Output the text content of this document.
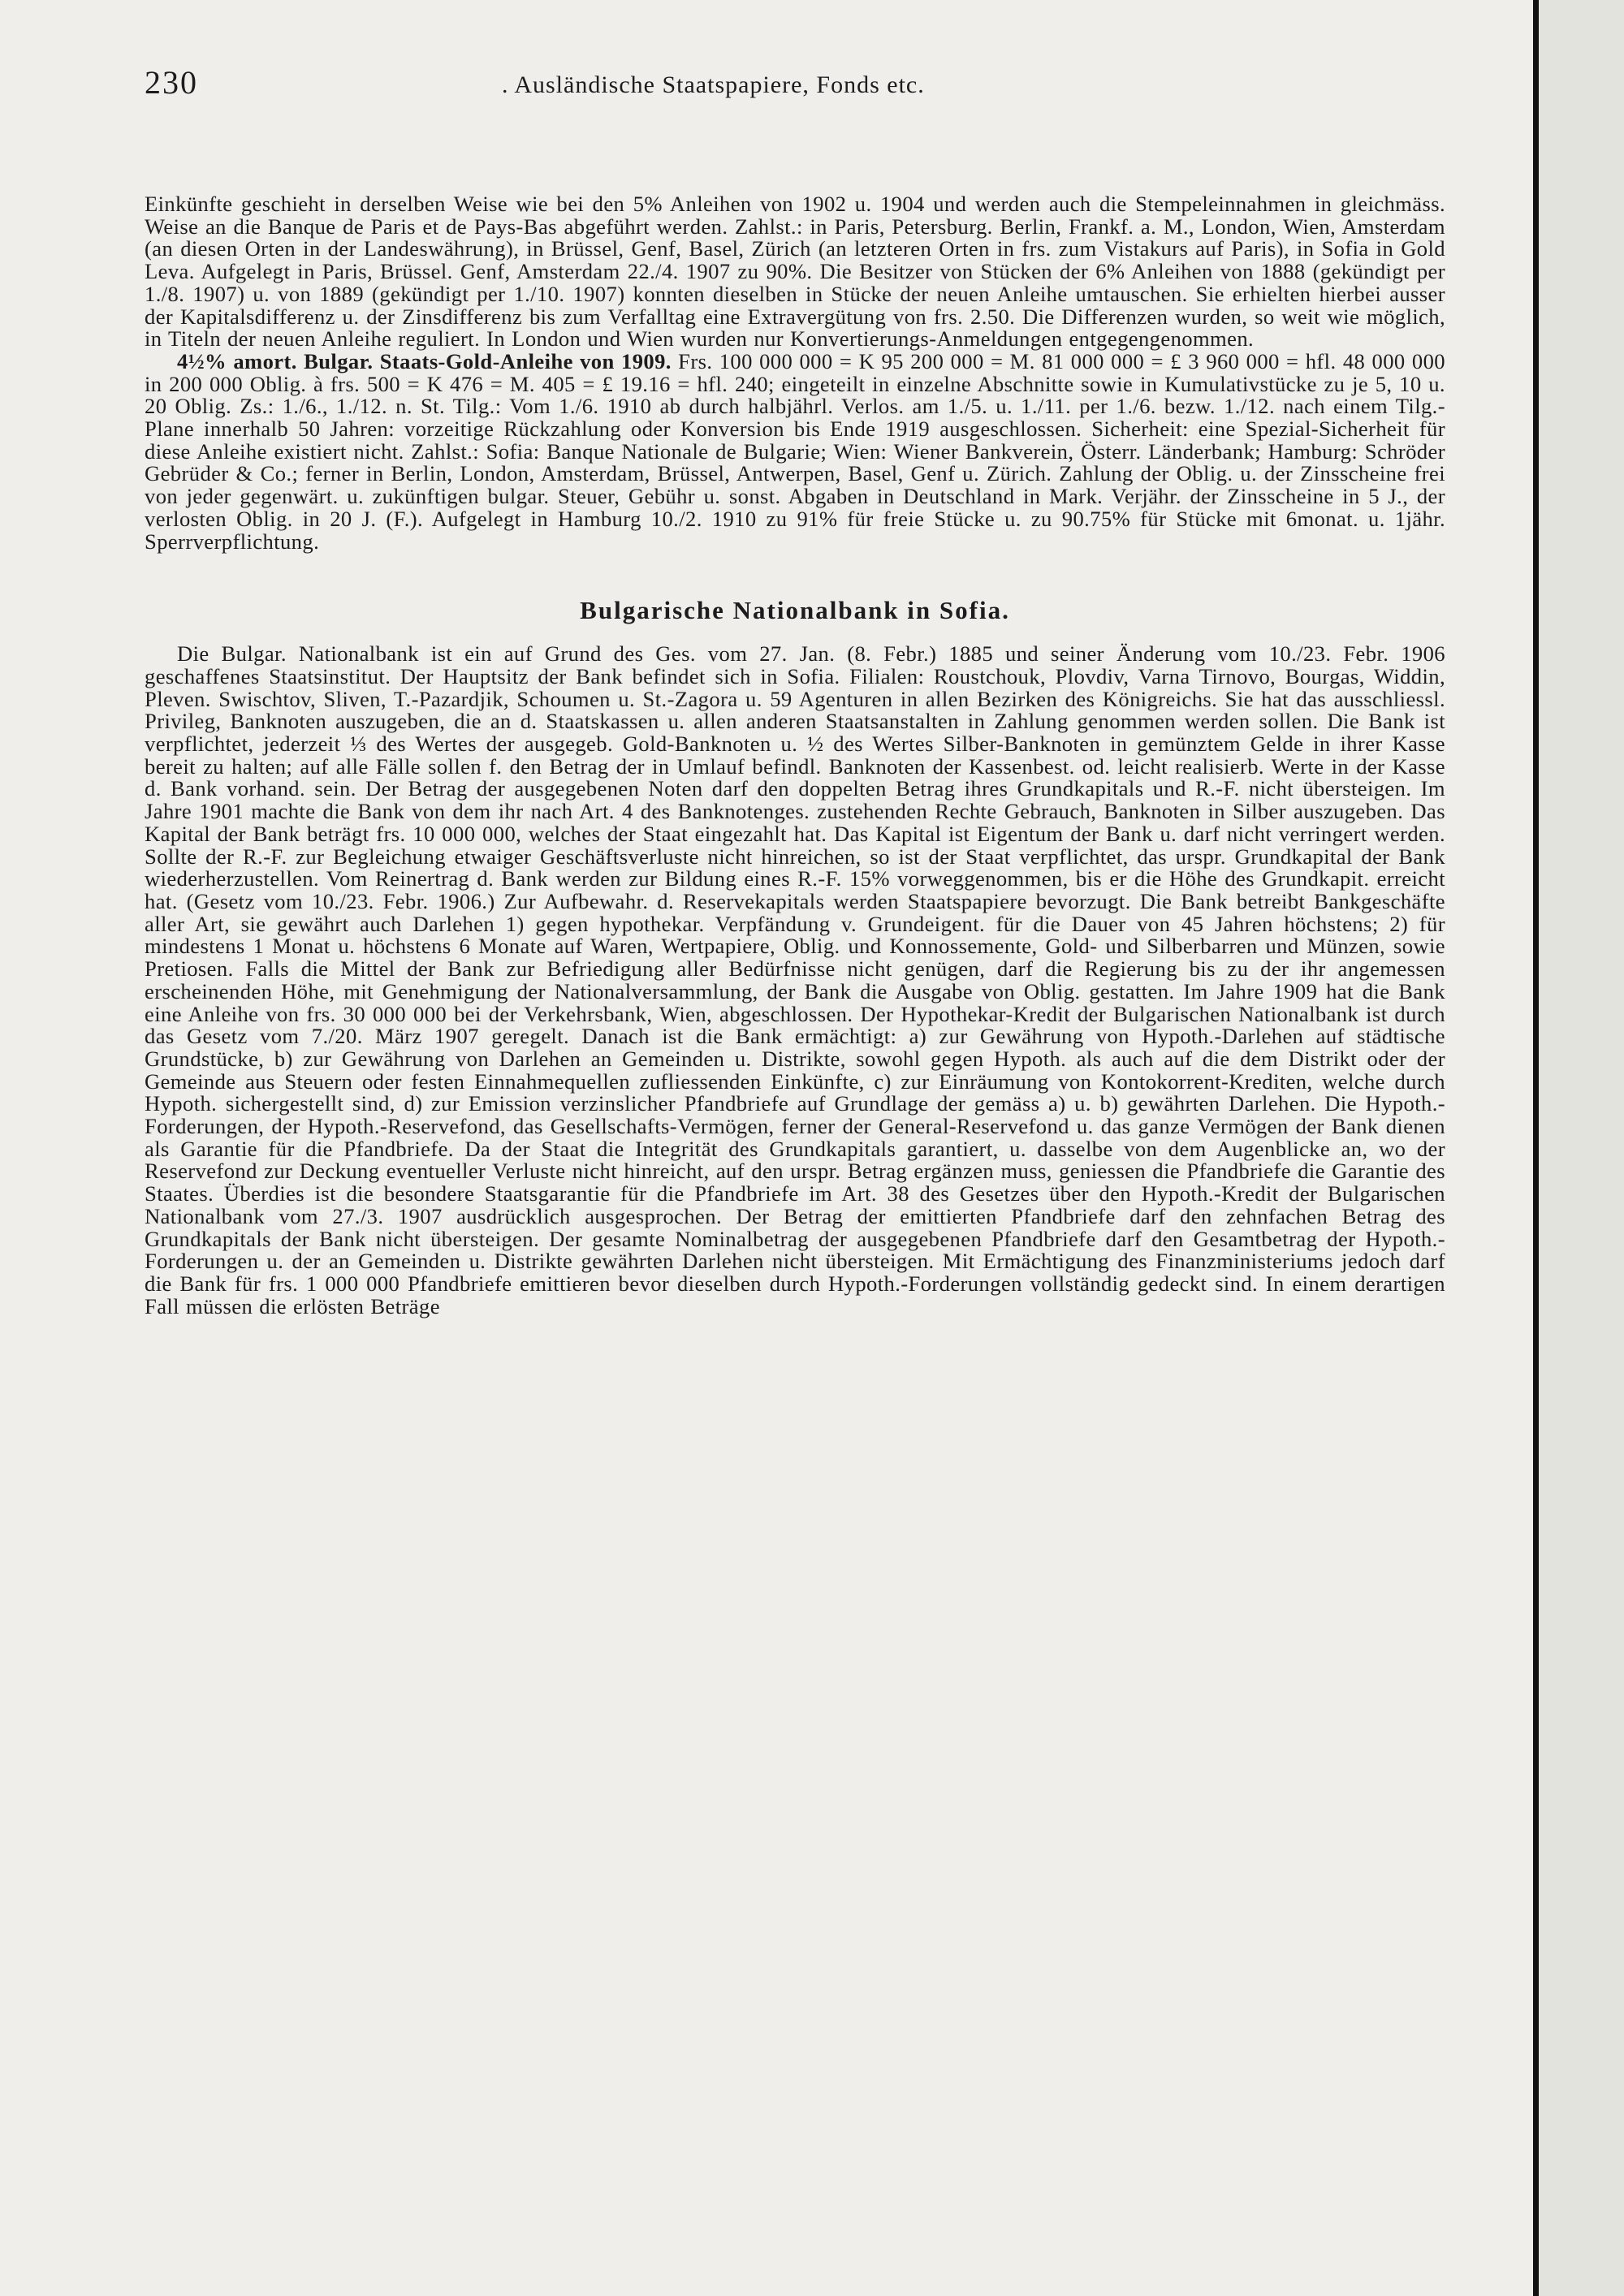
230	. Ausländische Staatspapiere, Fonds etc.

Einkünfte geschieht in derselben Weise wie bei den 5% Anleihen von 1902 u. 1904 und werden auch die Stempeleinnahmen in gleichmäss. Weise an die Banque de Paris et de Pays-Bas abgeführt werden. Zahlst.: in Paris, Petersburg. Berlin, Frankf. a. M., London, Wien, Amsterdam (an diesen Orten in der Landeswährung), in Brüssel, Genf, Basel, Zürich (an letzteren Orten in frs. zum Vistakurs auf Paris), in Sofia in Gold Leva. Aufgelegt in Paris, Brüssel. Genf, Amsterdam 22./4. 1907 zu 90%. Die Besitzer von Stücken der 6% Anleihen von 1888 (gekündigt per 1./8. 1907) u. von 1889 (gekündigt per 1./10. 1907) konnten dieselben in Stücke der neuen Anleihe umtauschen. Sie erhielten hierbei ausser der Kapitalsdifferenz u. der Zinsdifferenz bis zum Verfalltag eine Extravergütung von frs. 2.50. Die Differenzen wurden, so weit wie möglich, in Titeln der neuen Anleihe reguliert. In London und Wien wurden nur Konvertierungs-Anmeldungen entgegengenommen.

4½% amort. Bulgar. Staats-Gold-Anleihe von 1909. Frs. 100 000 000 = K 95 200 000 = M. 81 000 000 = £ 3 960 000 = hfl. 48 000 000 in 200 000 Oblig. à frs. 500 = K 476 = M. 405 = £ 19.16 = hfl. 240; eingeteilt in einzelne Abschnitte sowie in Kumulativstücke zu je 5, 10 u. 20 Oblig. Zs.: 1./6., 1./12. n. St. Tilg.: Vom 1./6. 1910 ab durch halbjährl. Verlos. am 1./5. u. 1./11. per 1./6. bezw. 1./12. nach einem Tilg.-Plane innerhalb 50 Jahren: vorzeitige Rückzahlung oder Konversion bis Ende 1919 ausgeschlossen. Sicherheit: eine Spezial-Sicherheit für diese Anleihe existiert nicht. Zahlst.: Sofia: Banque Nationale de Bulgarie; Wien: Wiener Bankverein, Österr. Länderbank; Hamburg: Schröder Gebrüder & Co.; ferner in Berlin, London, Amsterdam, Brüssel, Antwerpen, Basel, Genf u. Zürich. Zahlung der Oblig. u. der Zinsscheine frei von jeder gegenwärt. u. zukünftigen bulgar. Steuer, Gebühr u. sonst. Abgaben in Deutschland in Mark. Verjähr. der Zinsscheine in 5 J., der verlosten Oblig. in 20 J. (F.). Aufgelegt in Hamburg 10./2. 1910 zu 91% für freie Stücke u. zu 90.75% für Stücke mit 6monat. u. 1jähr. Sperrverpflichtung.

Bulgarische Nationalbank in Sofia.

Die Bulgar. Nationalbank ist ein auf Grund des Ges. vom 27. Jan. (8. Febr.) 1885 und seiner Änderung vom 10./23. Febr. 1906 geschaffenes Staatsinstitut. Der Hauptsitz der Bank befindet sich in Sofia. Filialen: Roustchouk, Plovdiv, Varna Tirnovo, Bourgas, Widdin, Pleven. Swischtov, Sliven, T.-Pazardjik, Schoumen u. St.-Zagora u. 59 Agenturen in allen Bezirken des Königreichs. Sie hat das ausschliessl. Privileg, Banknoten auszugeben, die an d. Staatskassen u. allen anderen Staatsanstalten in Zahlung genommen werden sollen. Die Bank ist verpflichtet, jederzeit ⅓ des Wertes der ausgegeb. Gold-Banknoten u. ½ des Wertes Silber-Banknoten in gemünztem Gelde in ihrer Kasse bereit zu halten; auf alle Fälle sollen f. den Betrag der in Umlauf befindl. Banknoten der Kassenbest. od. leicht realisierb. Werte in der Kasse d. Bank vorhand. sein. Der Betrag der ausgegebenen Noten darf den doppelten Betrag ihres Grundkapitals und R.-F. nicht übersteigen. Im Jahre 1901 machte die Bank von dem ihr nach Art. 4 des Banknotenges. zustehenden Rechte Gebrauch, Banknoten in Silber auszugeben. Das Kapital der Bank beträgt frs. 10 000 000, welches der Staat eingezahlt hat. Das Kapital ist Eigentum der Bank u. darf nicht verringert werden. Sollte der R.-F. zur Begleichung etwaiger Geschäftsverluste nicht hinreichen, so ist der Staat verpflichtet, das urspr. Grundkapital der Bank wiederherzustellen. Vom Reinertrag d. Bank werden zur Bildung eines R.-F. 15% vorweggenommen, bis er die Höhe des Grundkapit. erreicht hat. (Gesetz vom 10./23. Febr. 1906.) Zur Aufbewahr. d. Reservekapitals werden Staatspapiere bevorzugt. Die Bank betreibt Bankgeschäfte aller Art, sie gewährt auch Darlehen 1) gegen hypothekar. Verpfändung v. Grundeigent. für die Dauer von 45 Jahren höchstens; 2) für mindestens 1 Monat u. höchstens 6 Monate auf Waren, Wertpapiere, Oblig. und Konnossemente, Gold- und Silberbarren und Münzen, sowie Pretiosen. Falls die Mittel der Bank zur Befriedigung aller Bedürfnisse nicht genügen, darf die Regierung bis zu der ihr angemessen erscheinenden Höhe, mit Genehmigung der Nationalversammlung, der Bank die Ausgabe von Oblig. gestatten. Im Jahre 1909 hat die Bank eine Anleihe von frs. 30 000 000 bei der Verkehrsbank, Wien, abgeschlossen. Der Hypothekar-Kredit der Bulgarischen Nationalbank ist durch das Gesetz vom 7./20. März 1907 geregelt. Danach ist die Bank ermächtigt: a) zur Gewährung von Hypoth.-Darlehen auf städtische Grundstücke, b) zur Gewährung von Darlehen an Gemeinden u. Distrikte, sowohl gegen Hypoth. als auch auf die dem Distrikt oder der Gemeinde aus Steuern oder festen Einnahmequellen zufliessenden Einkünfte, c) zur Einräumung von Kontokorrent-Krediten, welche durch Hypoth. sichergestellt sind, d) zur Emission verzinslicher Pfandbriefe auf Grundlage der gemäss a) u. b) gewährten Darlehen. Die Hypoth.-Forderungen, der Hypoth.-Reservefond, das Gesellschafts-Vermögen, ferner der General-Reservefond u. das ganze Vermögen der Bank dienen als Garantie für die Pfandbriefe. Da der Staat die Integrität des Grundkapitals garantiert, u. dasselbe von dem Augenblicke an, wo der Reservefond zur Deckung eventueller Verluste nicht hinreicht, auf den urspr. Betrag ergänzen muss, geniessen die Pfandbriefe die Garantie des Staates. Überdies ist die besondere Staatsgarantie für die Pfandbriefe im Art. 38 des Gesetzes über den Hypoth.-Kredit der Bulgarischen Nationalbank vom 27./3. 1907 ausdrücklich ausgesprochen. Der Betrag der emittierten Pfandbriefe darf den zehnfachen Betrag des Grundkapitals der Bank nicht übersteigen. Der gesamte Nominalbetrag der ausgegebenen Pfandbriefe darf den Gesamtbetrag der Hypoth.-Forderungen u. der an Gemeinden u. Distrikte gewährten Darlehen nicht übersteigen. Mit Ermächtigung des Finanzministeriums jedoch darf die Bank für frs. 1 000 000 Pfandbriefe emittieren bevor dieselben durch Hypoth.-Forderungen vollständig gedeckt sind. In einem derartigen Fall müssen die erlösten Beträge
